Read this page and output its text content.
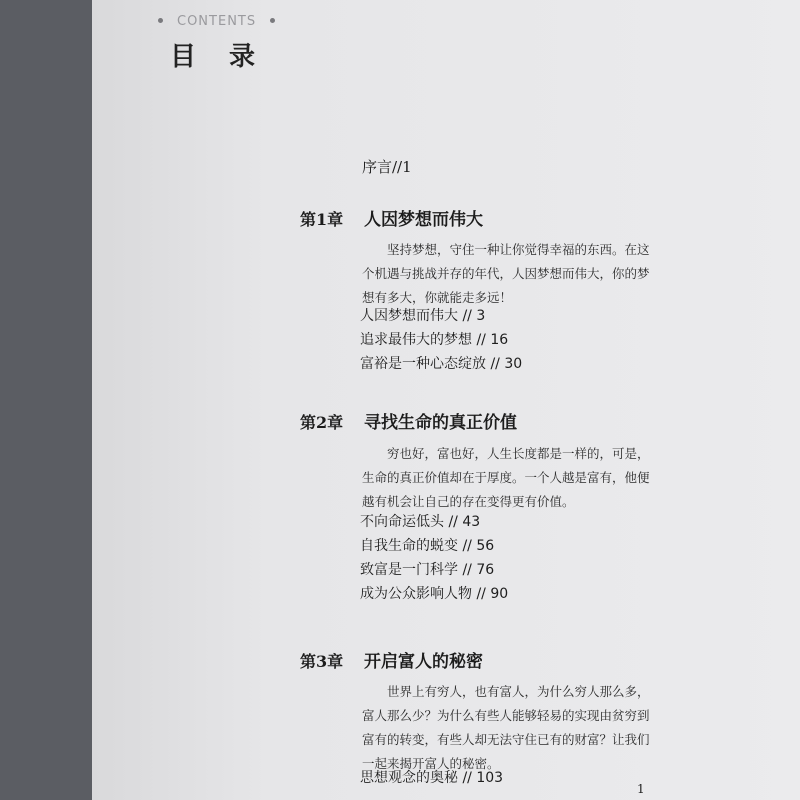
CONTENTS
目 录
序言//1
第1章 人因梦想而伟大
坚持梦想，守住一种让你觉得幸福的东西。在这个机遇与挑战并存的年代，人因梦想而伟大，你的梦想有多大，你就能走多远！
人因梦想而伟大 // 3
追求最伟大的梦想 // 16
富裕是一种心态绽放 // 30
第2章 寻找生命的真正价值
穷也好，富也好，人生长度都是一样的，可是，生命的真正价值却在于厚度。一个人越是富有，他便越有机会让自己的存在变得更有价值。
不向命运低头 // 43
自我生命的蜕变 // 56
致富是一门科学 // 76
成为公众影响人物 // 90
第3章 开启富人的秘密
世界上有穷人，也有富人，为什么穷人那么多，富人那么少？为什么有些人能够轻易的实现由贫穷到富有的转变，有些人却无法守住已有的财富？让我们一起来揭开富人的秘密。
思想观念的奥秘 // 103
1
